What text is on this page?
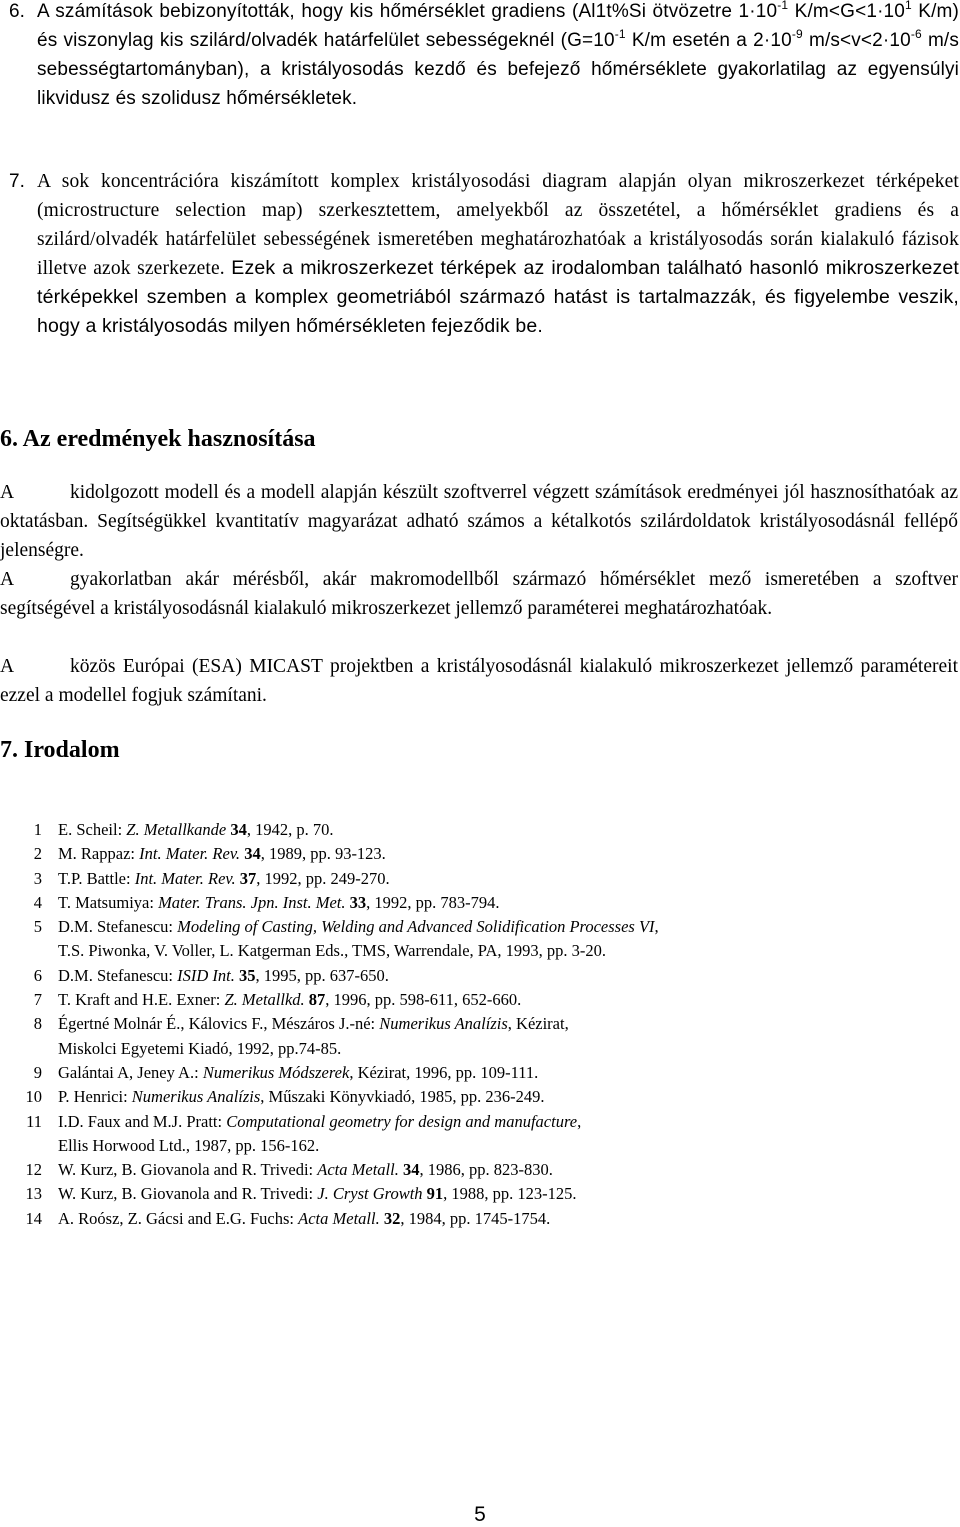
6. A számítások bebizonyították, hogy kis hőmérséklet gradiens (Al1t%Si ötvözetre $1\cdot 10^{-1}$ $K/m<G<1\cdot 10^1$ K/m) és viszonylag kis szilárd/olvadék határfelület sebességeknél ($G=10^{-1}$ K/m esetén a $2\cdot 10^{-9}$ $m/s<v<2\cdot 10^{-6}$ m/s sebességtartományban), a kristályosodás kezdő és befejező hőmérséklete gyakorlatilag az egyensúlyi likvidusz és szolidusz hőmérsékletek.
7. A sok koncentrációra kiszámított komplex kristályosodási diagram alapján olyan mikroszerkezet térképeket (microstructure selection map) szerkesztettem, amelyekből az összetétel, a hőmérséklet gradiens és a szilárd/olvadék határfelület sebességének ismeretében meghatározhatóak a kristályosodás során kialakuló fázisok illetve azok szerkezete. Ezek a mikroszerkezet térképek az irodalomban található hasonló mikroszerkezet térképekkel szemben a komplex geometriából származó hatást is tartalmazzák, és figyelembe veszik, hogy a kristályosodás milyen hőmérsékleten fejeződik be.
6. Az eredmények hasznosítása

A	kidolgozott modell és a modell alapján készült szoftverrel végzett számítások eredményei jól hasznosíthatóak az oktatásban. Segítségükkel kvantitatív magyarázat adható számos a kétalkotós szilárdoldatok kristályosodásnál fellépő jelenségre.

A	gyakorlatban akár mérésből, akár makromodellből származó hőmérséklet mező ismeretében a szoftver segítségével a kristályosodásnál kialakuló mikroszerkezet jellemző paraméterei meghatározhatóak.

A	közös Európai (ESA) MICAST projektben a kristályosodásnál kialakuló mikroszerkezet jellemző paramétereit ezzel a modellel fogjuk számítani.

7. Irodalom
1 E. Scheil: Z. Metallkande 34, 1942, p. 70.
2 M. Rappaz: Int. Mater. Rev. 34, 1989, pp. 93-123.
3 T.P. Battle: Int. Mater. Rev. 37, 1992, pp. 249-270.
4 T. Matsumiya: Mater. Trans. Jpn. Inst. Met. 33, 1992, pp. 783-794.
5 D.M. Stefanescu: Modeling of Casting, Welding and Advanced Solidification Processes VI,
T.S. Piwonka, V. Voller, L. Katgerman Eds., TMS, Warrendale, PA, 1993, pp. 3-20.
6 D.M. Stefanescu: ISID Int. 35, 1995, pp. 637-650.
7 T. Kraft and H.E. Exner: Z. Metallkd. 87, 1996, pp. 598-611, 652-660.
8 Égertné Molnár É., Kálovics F., Mészáros J.-né: Numerikus Analízis, Kézirat,
Miskolci Egyetemi Kiadó, 1992, pp.74-85.
9 Galántai A, Jeney A.: Numerikus Módszerek, Kézirat, 1996, pp. 109-111.
10 P. Henrici: Numerikus Analízis, Műszaki Könyvkiadó, 1985, pp. 236-249.
11 I.D. Faux and M.J. Pratt: Computational geometry for design and manufacture,
Ellis Horwood Ltd., 1987, pp. 156-162.
12 W. Kurz, B. Giovanola and R. Trivedi: Acta Metall. 34, 1986, pp. 823-830.
13 W. Kurz, B. Giovanola and R. Trivedi: J. Cryst Growth 91, 1988, pp. 123-125.
14 A. Roósz, Z. Gácsi and E.G. Fuchs: Acta Metall. 32, 1984, pp. 1745-1754.
5
